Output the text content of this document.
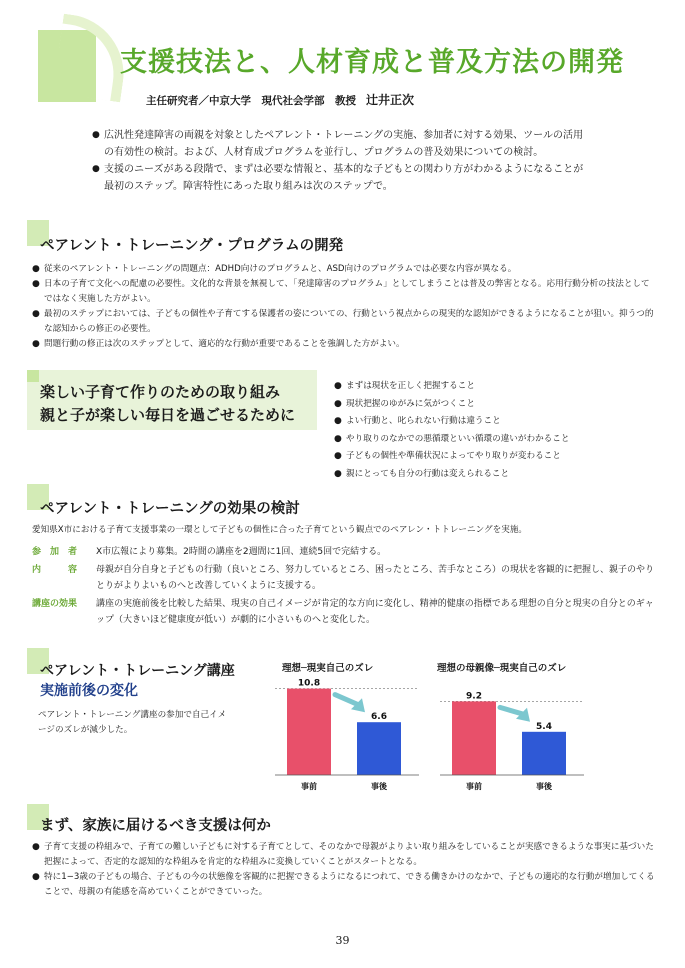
支援技法と、人材育成と普及方法の開発
主任研究者／中京大学　現代社会学部　教授 辻井正次
● 広汎性発達障害の両親を対象としたペアレント・トレーニングの実施、参加者に対する効果、ツールの活用の有効性の検討。および、人材育成プログラムを並行し、プログラムの普及効果についての検討。
● 支援のニーズがある段階で、まずは必要な情報と、基本的な子どもとの関わり方がわかるようになることが最初のステップ。障害特性にあった取り組みは次のステップで。
ペアレント・トレーニング・プログラムの開発
● 従来のペアレント・トレーニングの問題点：ADHD向けのプログラムと、ASD向けのプログラムでは必要な内容が異なる。
● 日本の子育て文化への配慮の必要性。文化的な背景を無視して、「発達障害のプログラム」としてしまうことは普及の弊害となる。応用行動分析の技法としてではなく実施した方がよい。
● 最初のステップにおいては、子どもの個性や子育てする保護者の姿についての、行動という視点からの現実的な認知ができるようになることが狙い。抑うつ的な認知からの修正の必要性。
● 問題行動の修正は次のステップとして、適応的な行動が重要であることを強調した方がよい。
楽しい子育て作りのための取り組み
親と子が楽しい毎日を過ごせるために
● まずは現状を正しく把握すること
● 現状把握のゆがみに気がつくこと
● よい行動と、叱られない行動は違うこと
● やり取りのなかでの悪循環といい循環の違いがわかること
● 子どもの個性や準備状況によってやり取りが変わること
● 親にとっても自分の行動は変えられること
ペアレント・トレーニングの効果の検討
愛知県X市における子育て支援事業の一環として子どもの個性に合った子育てという観点でのペアレン・トトレーニングを実施。
参　加　者	X市広報により募集。2時間の講座を2週間に1回、連続5回で完結する。
内　　　容	母親が自分自身と子どもの行動（良いところ、努力しているところ、困ったところ、苦手なところ）の現状を客観的に把握し、親子のやりとりがよりよいものへと改善していくように支援する。
講座の効果	講座の実施前後を比較した結果、現実の自己イメージが肯定的な方向に変化し、精神的健康の指標である理想の自分と現実の自分とのギャップ（大きいほど健康度が低い）が劇的に小さいものへと変化した。
ペアレント・トレーニング講座
実施前後の変化
ペアレント・トレーニング講座の参加で自己イメージのズレが減少した。
理想─現実自己のズレ
10.8
事前
6.6
事後
理想の母親像─現実自己のズレ
9.2
事前
5.4
事後
まず、家族に届けるべき支援は何か
● 子育て支援の枠組みで、子育ての難しい子どもに対する子育てとして、そのなかで母親がよりよい取り組みをしていることが実感できるような事実に基づいた把握によって、否定的な認知的な枠組みを肯定的な枠組みに変換していくことがスタートとなる。
● 特に1−3歳の子どもの場合、子どもの今の状態像を客観的に把握できるようになるにつれて、できる働きかけのなかで、子どもの適応的な行動が増加してくることで、母親の有能感を高めていくことができていった。
39
